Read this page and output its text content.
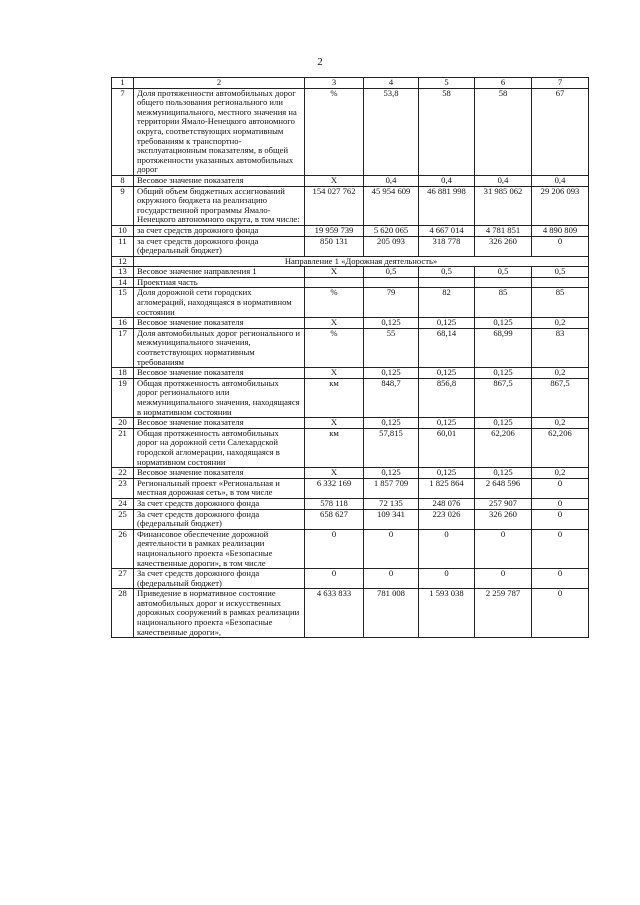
2
1	2	3	4	5	6	7
7	Доля протяженности автомобильных дорог общего пользования регионального или межмуниципального, местного значения на территории Ямало-Ненецкого автономного округа, соответствующих нормативным требованиям к транспортно-эксплуатационным показателям, в общей протяженности указанных автомобильных дорог	%	53,8	58	58	67
8	Весовое значение показателя	X	0,4	0,4	0,4	0,4
9	Общий объем бюджетных ассигнований окружного бюджета на реализацию государственной программы Ямало-Ненецкого автономного округа, в том числе:	154 027 762	45 954 609	46 881 998	31 985 062	29 206 093
10	за счет средств дорожного фонда	19 959 739	5 620 065	4 667 014	4 781 851	4 890 809
11	за счет средств дорожного фонда (федеральный бюджет)	850 131	205 093	318 778	326 260	0
12	Направление 1 «Дорожная деятельность»					
13	Весовое значение направления 1	X	0,5	0,5	0,5	0,5
14	Проектная часть					
15	Доля дорожной сети городских агломераций, находящаяся в нормативном состоянии	%	79	82	85	85
16	Весовое значение показателя	X	0,125	0,125	0,125	0,2
17	Доля автомобильных дорог регионального и межмуниципального значения, соответствующих нормативным требованиям	%	55	68,14	68,99	83
18	Весовое значение показателя	X	0,125	0,125	0,125	0,2
19	Общая протяженность автомобильных дорог регионального или межмуниципального значения, находящаяся в нормативном состоянии	км	848,7	856,8	867,5	867,5
20	Весовое значение показателя	X	0,125	0,125	0,125	0,2
21	Общая протяженность автомобильных дорог на дорожной сети Салехардской городской агломерации, находящаяся в нормативном состоянии	км	57,815	60,01	62,206	62,206
22	Весовое значение показателя	X	0,125	0,125	0,125	0,2
23	Региональный проект «Региональная и местная дорожная сеть», в том числе	6 332 169	1 857 709	1 825 864	2 648 596	0
24	За счет средств дорожного фонда	578 118	72 135	248 076	257 907	0
25	За счет средств дорожного фонда (федеральный бюджет)	658 627	109 341	223 026	326 260	0
26	Финансовое обеспечение дорожной деятельности в рамках реализации национального проекта «Безопасные качественные дороги», в том числе	0	0	0	0	0
27	За счет средств дорожного фонда (федеральный бюджет)	0	0	0	0	0
28	Приведение в нормативное состояние автомобильных дорог и искусственных дорожных сооружений в рамках реализации национального проекта «Безопасные качественные дороги»,	4 633 833	781 008	1 593 038	2 259 787	0
